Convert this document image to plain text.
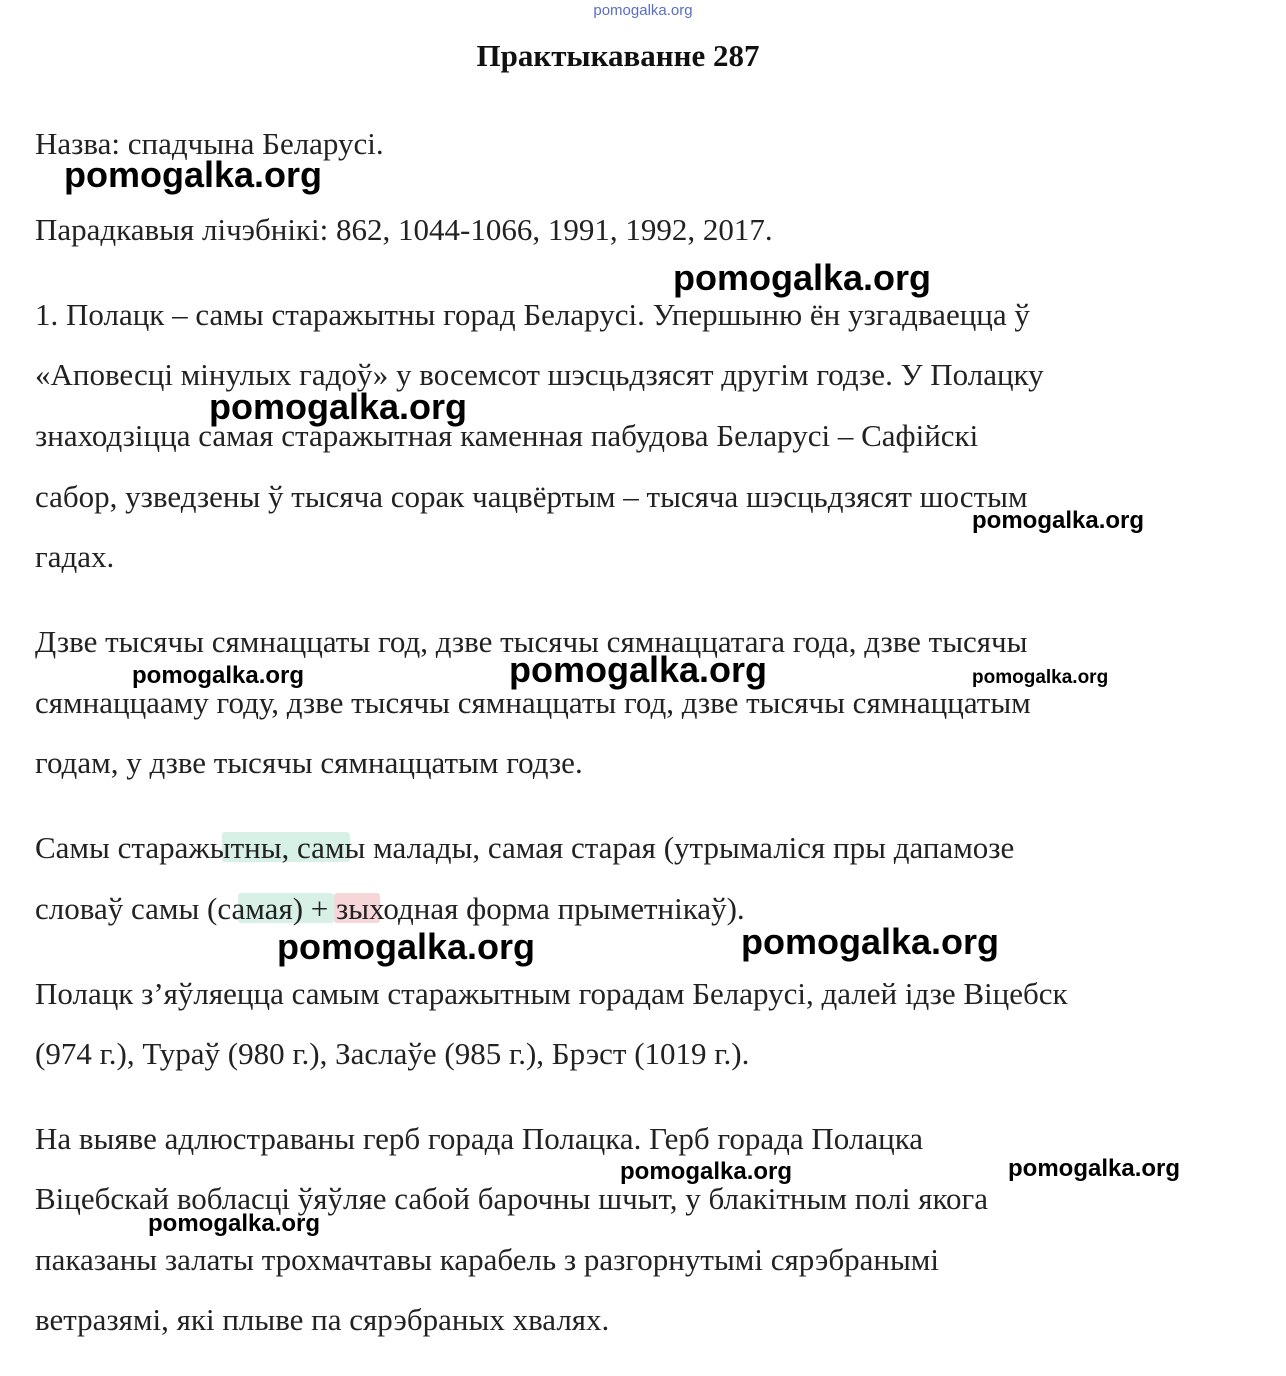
pomogalka.org
Практыкаванне 287
Назва: спадчына Беларусі.
Парадкавыя лічэбнікі: 862, 1044-1066, 1991, 1992, 2017.
1. Полацк – самы старажытны горад Беларусі. Упершыню ён узгадваецца ў
«Аповесці мінулых гадоў» у восемсот шэсцьдзясят другім годзе. У Полацку
знаходзіцца самая старажытная каменная пабудова Беларусі – Сафійскі
сабор, узведзены ў тысяча сорак чацвёртым – тысяча шэсцьдзясят шостым
гадах.
Дзве тысячы сямнаццаты год, дзве тысячы сямнаццатага года, дзве тысячы
сямнаццааму году, дзве тысячы сямнаццаты год, дзве тысячы сямнаццатым
годам, у дзве тысячы сямнаццатым годзе.
Самы старажытны, самы малады, самая старая (утрымаліся пры дапамозе
словаў самы (самая) + зыходная форма прыметнікаў).
Полацк з’яўляецца самым старажытным горадам Беларусі, далей ідзе Віцебск
(974 г.), Тураў (980 г.), Заслаўе (985 г.), Брэст (1019 г.).
На выяве адлюстраваны герб горада Полацка. Герб горада Полацка
Віцебскай вобласці ўяўляе сабой барочны шчыт, у блакітным полі якога
паказаны залаты трохмачтавы карабель з разгорнутымі сярэбранымі
ветразямі, які плыве па сярэбраных хвалях.
pomogalka.org
pomogalka.org
pomogalka.org
pomogalka.org
pomogalka.org	pomogalka.org	pomogalka.org
pomogalka.org	pomogalka.org
pomogalka.org	pomogalka.org
pomogalka.org
